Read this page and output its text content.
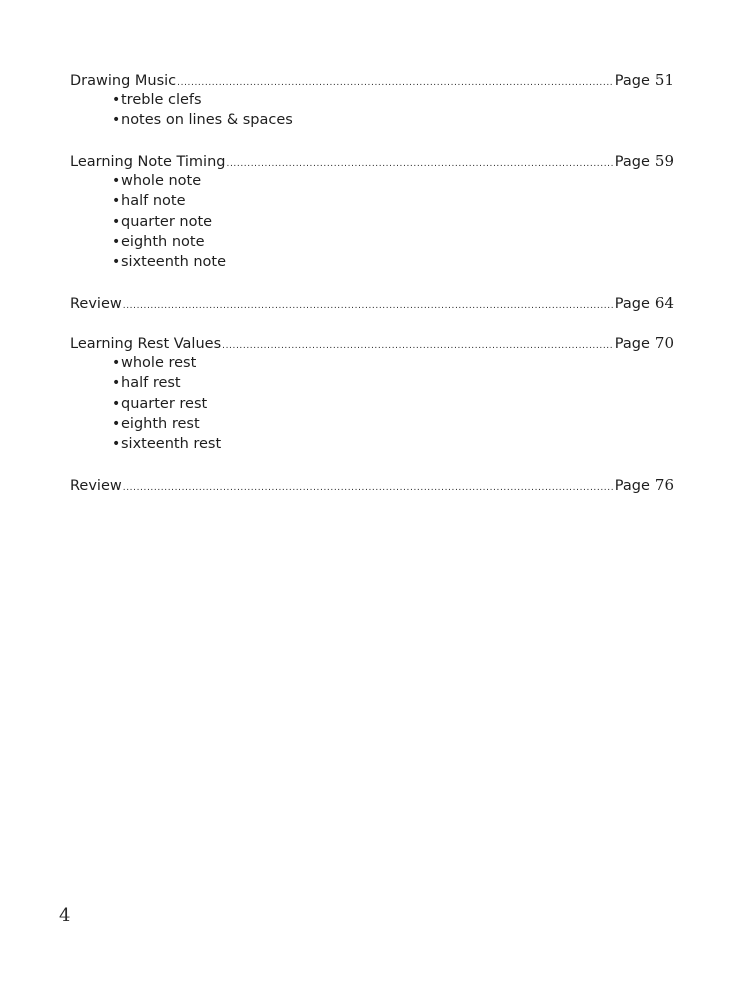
Drawing Music .....	Page 51
• treble clefs
• notes on lines & spaces
Learning Note Timing .....	Page 59
• whole note
• half note
• quarter note
• eighth note
• sixteenth note
Review .....	Page 64
Learning Rest Values .....	Page 70
• whole rest
• half rest
• quarter rest
• eighth rest
• sixteenth rest
Review .....	Page 76
4
